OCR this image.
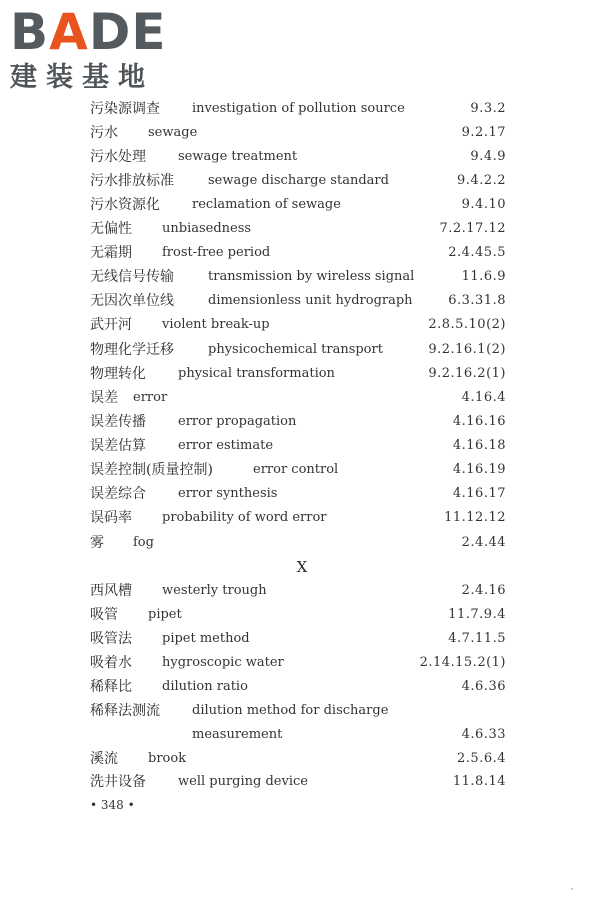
BADE
建装基地
污染源调查 investigation of pollution source	9.3.2
污水 sewage	9.2.17
污水处理 sewage treatment	9.4.9
污水排放标准	sewage discharge standard	9.4.2.2
污水资源化 reclamation of sewage	9.4.10
无偏性 unbiasedness	7.2.17.12
无霜期 frost-free period	2.4.45.5
无线信号传输	transmission by wireless signal	11.6.9
无因次单位线	dimensionless unit hydrograph	6.3.31.8
武开河 violent break-up	2.8.5.10(2)
物理化学迁移	physicochemical transport	9.2.16.1(2)
物理转化 physical transformation	9.2.16.2(1)
误差 error	4.16.4
误差传播 error propagation	4.16.16
误差估算 error estimate	4.16.18
误差控制(质量控制)	error control	4.16.19
误差综合 error synthesis	4.16.17
误码率 probability of word error	11.12.12
雾 fog	2.4.44
X
西风槽 westerly trough	2.4.16
吸管 pipet	11.7.9.4
吸管法 pipet method	4.7.11.5
吸着水 hygroscopic water	2.14.15.2(1)
稀释比 dilution ratio	4.6.36
稀释法测流 dilution method for discharge
measurement	4.6.33
溪流 brook	2.5.6.4
洗井设备 well purging device	11.8.14
• 348 •
